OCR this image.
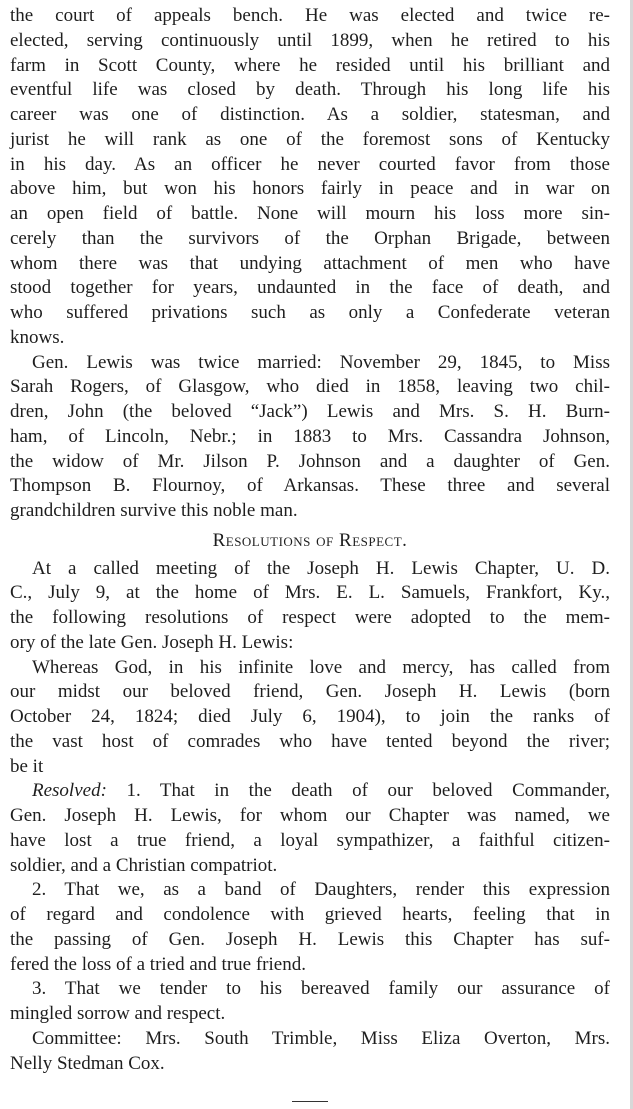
the court of appeals bench. He was elected and twice re-
elected, serving continuously until 1899, when he retired to his
farm in Scott County, where he resided until his brilliant and
eventful life was closed by death. Through his long life his
career was one of distinction. As a soldier, statesman, and
jurist he will rank as one of the foremost sons of Kentucky
in his day. As an officer he never courted favor from those
above him, but won his honors fairly in peace and in war on
an open field of battle. None will mourn his loss more sin-
cerely than the survivors of the Orphan Brigade, between
whom there was that undying attachment of men who have
stood together for years, undaunted in the face of death, and
who suffered privations such as only a Confederate veteran
knows.
Gen. Lewis was twice married: November 29, 1845, to Miss
Sarah Rogers, of Glasgow, who died in 1858, leaving two chil-
dren, John (the beloved “Jack”) Lewis and Mrs. S. H. Burn-
ham, of Lincoln, Nebr.; in 1883 to Mrs. Cassandra Johnson,
the widow of Mr. Jilson P. Johnson and a daughter of Gen.
Thompson B. Flournoy, of Arkansas. These three and several
grandchildren survive this noble man.
Resolutions of Respect.
At a called meeting of the Joseph H. Lewis Chapter, U. D.
C., July 9, at the home of Mrs. E. L. Samuels, Frankfort, Ky.,
the following resolutions of respect were adopted to the mem-
ory of the late Gen. Joseph H. Lewis:
Whereas God, in his infinite love and mercy, has called from
our midst our beloved friend, Gen. Joseph H. Lewis (born
October 24, 1824; died July 6, 1904), to join the ranks of
the vast host of comrades who have tented beyond the river;
be it
Resolved: 1. That in the death of our beloved Commander,
Gen. Joseph H. Lewis, for whom our Chapter was named, we
have lost a true friend, a loyal sympathizer, a faithful citizen-
soldier, and a Christian compatriot.
2. That we, as a band of Daughters, render this expression
of regard and condolence with grieved hearts, feeling that in
the passing of Gen. Joseph H. Lewis this Chapter has suf-
fered the loss of a tried and true friend.
3. That we tender to his bereaved family our assurance of
mingled sorrow and respect.
Committee: Mrs. South Trimble, Miss Eliza Overton, Mrs.
Nelly Stedman Cox.
